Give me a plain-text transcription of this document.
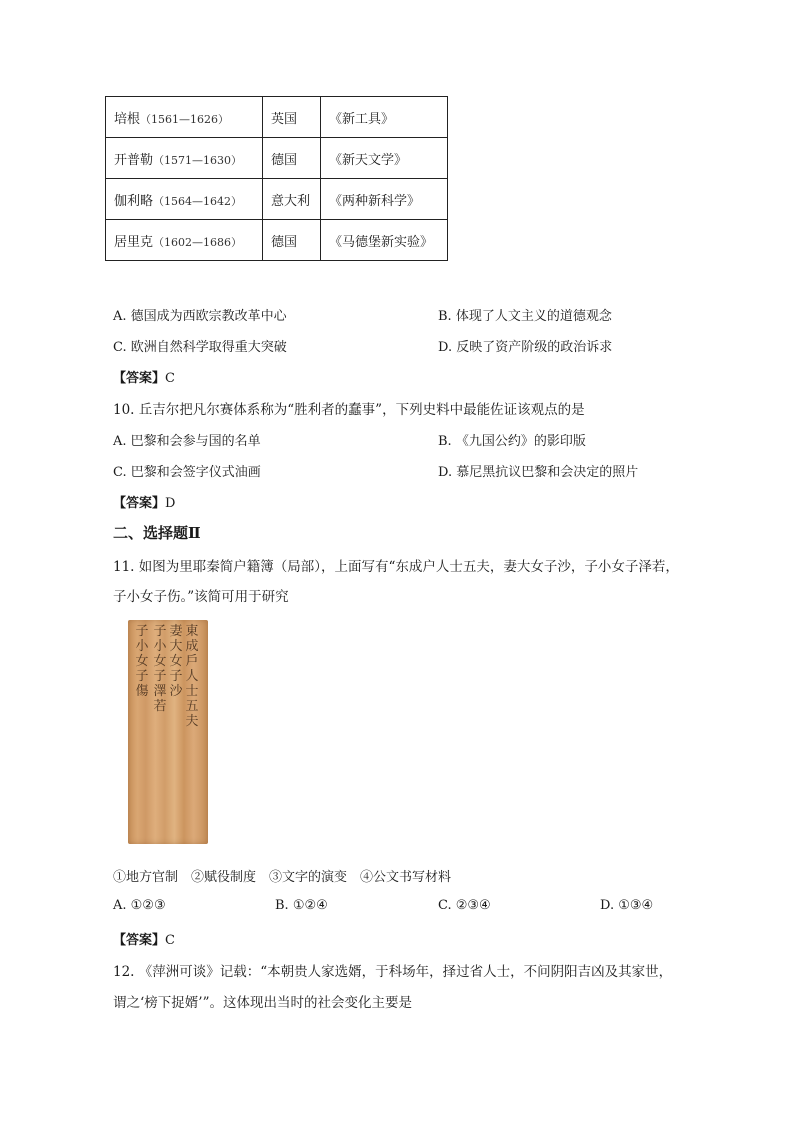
培根（1561—1626）	英国	《新工具》
开普勒（1571—1630）	德国	《新天文学》
伽利略（1564—1642）	意大利	《两种新科学》
居里克（1602—1686）	德国	《马德堡新实验》
A. 德国成为西欧宗教改革中心	B. 体现了人文主义的道德观念
C. 欧洲自然科学取得重大突破	D. 反映了资产阶级的政治诉求
【答案】C
10. 丘吉尔把凡尔赛体系称为“胜利者的蠢事”，下列史料中最能佐证该观点的是
A. 巴黎和会参与国的名单	B. 《九国公约》的影印版
C. 巴黎和会签字仪式油画	D. 慕尼黑抗议巴黎和会决定的照片
【答案】D
二、选择题Ⅱ
11. 如图为里耶秦简户籍簿（局部），上面写有“东成户人士五夫，妻大女子沙，子小女子泽若，
子小女子伤。”该简可用于研究
東成戶人士五夫
妻大女子沙
子小女子澤若
子小女子傷
①地方官制　②赋役制度　③文字的演变　④公文书写材料
A. ①②③	B. ①②④	C. ②③④	D. ①③④
【答案】C
12. 《萍洲可谈》记载：“本朝贵人家选婿，于科场年，择过省人士，不问阴阳吉凶及其家世，
谓之‘榜下捉婿’”。这体现出当时的社会变化主要是
